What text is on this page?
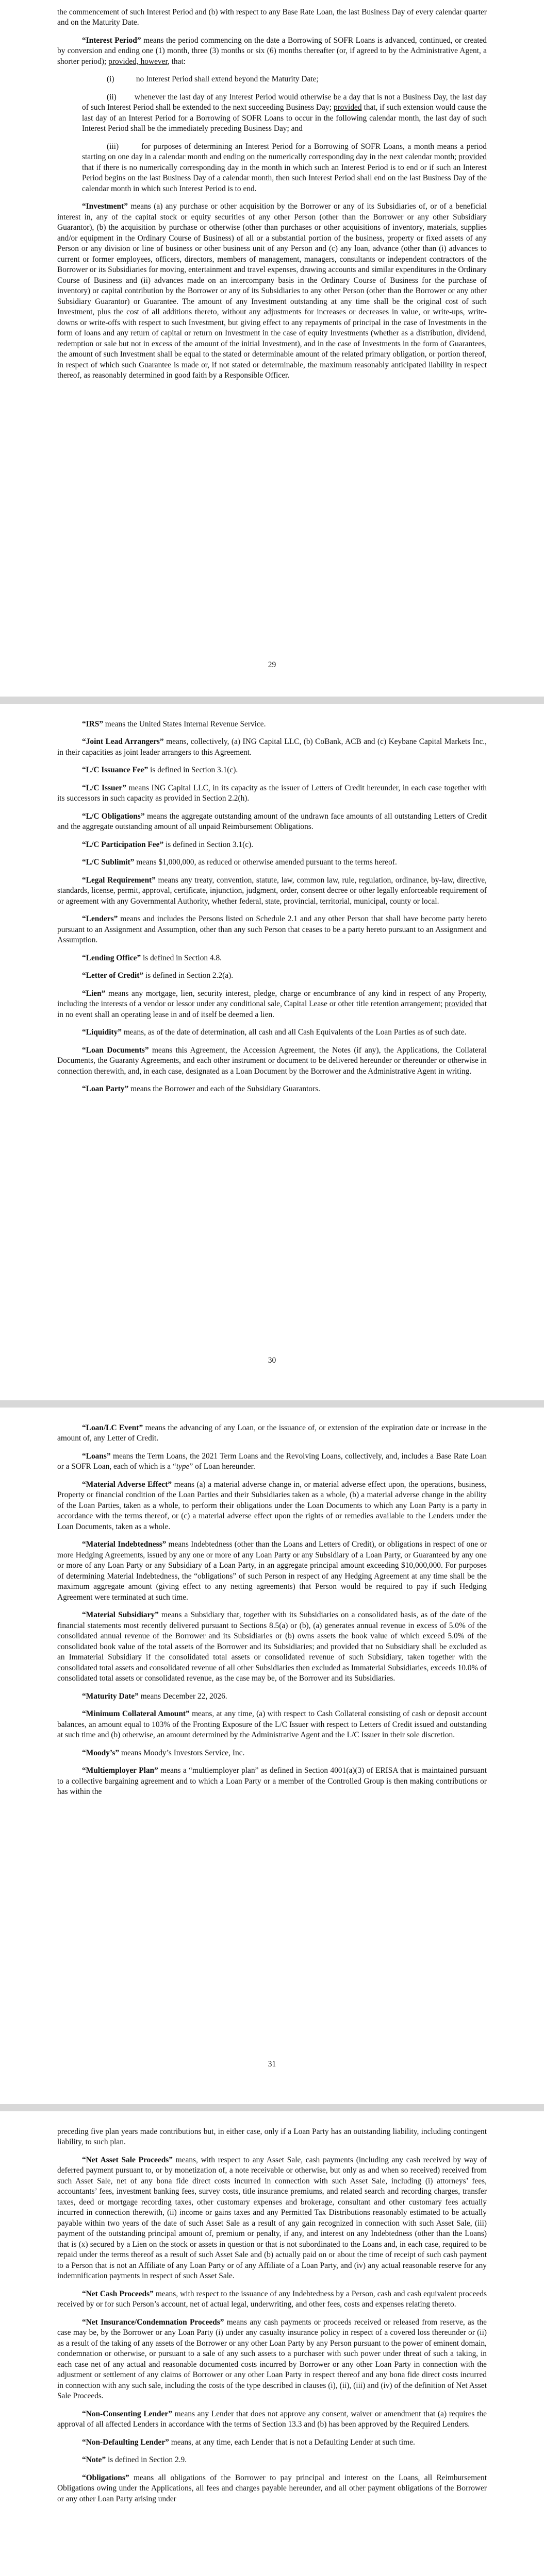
the commencement of such Interest Period and (b) with respect to any Base Rate Loan, the last Business Day of every calendar quarter and on the Maturity Date.

“Interest Period” means the period commencing on the date a Borrowing of SOFR Loans is advanced, continued, or created by conversion and ending one (1) month, three (3) months or six (6) months thereafter (or, if agreed to by the Administrative Agent, a shorter period); provided, however, that:

(i)           no Interest Period shall extend beyond the Maturity Date;

(ii)        whenever the last day of any Interest Period would otherwise be a day that is not a Business Day, the last day of such Interest Period shall be extended to the next succeeding Business Day; provided that, if such extension would cause the last day of an Interest Period for a Borrowing of SOFR Loans to occur in the following calendar month, the last day of such Interest Period shall be the immediately preceding Business Day; and

(iii)        for purposes of determining an Interest Period for a Borrowing of SOFR Loans, a month means a period starting on one day in a calendar month and ending on the numerically corresponding day in the next calendar month; provided that if there is no numerically corresponding day in the month in which such an Interest Period is to end or if such an Interest Period begins on the last Business Day of a calendar month, then such Interest Period shall end on the last Business Day of the calendar month in which such Interest Period is to end.

“Investment” means (a) any purchase or other acquisition by the Borrower or any of its Subsidiaries of, or of a beneficial interest in, any of the capital stock or equity securities of any other Person (other than the Borrower or any other Subsidiary Guarantor), (b) the acquisition by purchase or otherwise (other than purchases or other acquisitions of inventory, materials, supplies and/or equipment in the Ordinary Course of Business) of all or a substantial portion of the business, property or fixed assets of any Person or any division or line of business or other business unit of any Person and (c) any loan, advance (other than (i) advances to current or former employees, officers, directors, members of management, managers, consultants or independent contractors of the Borrower or its Subsidiaries for moving, entertainment and travel expenses, drawing accounts and similar expenditures in the Ordinary Course of Business and (ii) advances made on an intercompany basis in the Ordinary Course of Business for the purchase of inventory) or capital contribution by the Borrower or any of its Subsidiaries to any other Person (other than the Borrower or any other Subsidiary Guarantor) or Guarantee. The amount of any Investment outstanding at any time shall be the original cost of such Investment, plus the cost of all additions thereto, without any adjustments for increases or decreases in value, or write-ups, write-downs or write-offs with respect to such Investment, but giving effect to any repayments of principal in the case of Investments in the form of loans and any return of capital or return on Investment in the case of equity Investments (whether as a distribution, dividend, redemption or sale but not in excess of the amount of the initial Investment), and in the case of Investments in the form of Guarantees, the amount of such Investment shall be equal to the stated or determinable amount of the related primary obligation, or portion thereof, in respect of which such Guarantee is made or, if not stated or determinable, the maximum reasonably anticipated liability in respect thereof, as reasonably determined in good faith by a Responsible Officer.

29

“IRS” means the United States Internal Revenue Service.

“Joint Lead Arrangers” means, collectively, (a) ING Capital LLC, (b) CoBank, ACB and (c) Keybane Capital Markets Inc., in their capacities as joint leader arrangers to this Agreement.

“L/C Issuance Fee” is defined in Section 3.1(c).

“L/C Issuer” means ING Capital LLC, in its capacity as the issuer of Letters of Credit hereunder, in each case together with its successors in such capacity as provided in Section 2.2(h).

“L/C Obligations” means the aggregate outstanding amount of the undrawn face amounts of all outstanding Letters of Credit and the aggregate outstanding amount of all unpaid Reimbursement Obligations.

“L/C Participation Fee” is defined in Section 3.1(c).

“L/C Sublimit” means $1,000,000, as reduced or otherwise amended pursuant to the terms hereof.

“Legal Requirement” means any treaty, convention, statute, law, common law, rule, regulation, ordinance, by-law, directive, standards, license, permit, approval, certificate, injunction, judgment, order, consent decree or other legally enforceable requirement of or agreement with any Governmental Authority, whether federal, state, provincial, territorial, municipal, county or local.

“Lenders” means and includes the Persons listed on Schedule 2.1 and any other Person that shall have become party hereto pursuant to an Assignment and Assumption, other than any such Person that ceases to be a party hereto pursuant to an Assignment and Assumption.

“Lending Office” is defined in Section 4.8.

“Letter of Credit” is defined in Section 2.2(a).

“Lien” means any mortgage, lien, security interest, pledge, charge or encumbrance of any kind in respect of any Property, including the interests of a vendor or lessor under any conditional sale, Capital Lease or other title retention arrangement; provided that in no event shall an operating lease in and of itself be deemed a lien.

“Liquidity” means, as of the date of determination, all cash and all Cash Equivalents of the Loan Parties as of such date.

“Loan Documents” means this Agreement, the Accession Agreement, the Notes (if any), the Applications, the Collateral Documents, the Guaranty Agreements, and each other instrument or document to be delivered hereunder or thereunder or otherwise in connection therewith, and, in each case, designated as a Loan Document by the Borrower and the Administrative Agent in writing.

“Loan Party” means the Borrower and each of the Subsidiary Guarantors.

30

“Loan/LC Event” means the advancing of any Loan, or the issuance of, or extension of the expiration date or increase in the amount of, any Letter of Credit.

“Loans” means the Term Loans, the 2021 Term Loans and the Revolving Loans, collectively, and, includes a Base Rate Loan or a SOFR Loan, each of which is a “type” of Loan hereunder.

“Material Adverse Effect” means (a) a material adverse change in, or material adverse effect upon, the operations, business, Property or financial condition of the Loan Parties and their Subsidiaries taken as a whole, (b) a material adverse change in the ability of the Loan Parties, taken as a whole, to perform their obligations under the Loan Documents to which any Loan Party is a party in accordance with the terms thereof, or (c) a material adverse effect upon the rights of or remedies available to the Lenders under the Loan Documents, taken as a whole.

“Material Indebtedness” means Indebtedness (other than the Loans and Letters of Credit), or obligations in respect of one or more Hedging Agreements, issued by any one or more of any Loan Party or any Subsidiary of a Loan Party, or Guaranteed by any one or more of any Loan Party or any Subsidiary of a Loan Party, in an aggregate principal amount exceeding $10,000,000. For purposes of determining Material Indebtedness, the “obligations” of such Person in respect of any Hedging Agreement at any time shall be the maximum aggregate amount (giving effect to any netting agreements) that Person would be required to pay if such Hedging Agreement were terminated at such time.

“Material Subsidiary” means a Subsidiary that, together with its Subsidiaries on a consolidated basis, as of the date of the financial statements most recently delivered pursuant to Sections 8.5(a) or (b), (a) generates annual revenue in excess of 5.0% of the consolidated annual revenue of the Borrower and its Subsidiaries or (b) owns assets the book value of which exceed 5.0% of the consolidated book value of the total assets of the Borrower and its Subsidiaries; and provided that no Subsidiary shall be excluded as an Immaterial Subsidiary if the consolidated total assets or consolidated revenue of such Subsidiary, taken together with the consolidated total assets and consolidated revenue of all other Subsidiaries then excluded as Immaterial Subsidiaries, exceeds 10.0% of consolidated total assets or consolidated revenue, as the case may be, of the Borrower and its Subsidiaries.

“Maturity Date” means December 22, 2026.

“Minimum Collateral Amount” means, at any time, (a) with respect to Cash Collateral consisting of cash or deposit account balances, an amount equal to 103% of the Fronting Exposure of the L/C Issuer with respect to Letters of Credit issued and outstanding at such time and (b) otherwise, an amount determined by the Administrative Agent and the L/C Issuer in their sole discretion.

“Moody’s” means Moody’s Investors Service, Inc.

“Multiemployer Plan” means a “multiemployer plan” as defined in Section 4001(a)(3) of ERISA that is maintained pursuant to a collective bargaining agreement and to which a Loan Party or a member of the Controlled Group is then making contributions or has within the

31

preceding five plan years made contributions but, in either case, only if a Loan Party has an outstanding liability, including contingent liability, to such plan.

“Net Asset Sale Proceeds” means, with respect to any Asset Sale, cash payments (including any cash received by way of deferred payment pursuant to, or by monetization of, a note receivable or otherwise, but only as and when so received) received from such Asset Sale, net of any bona fide direct costs incurred in connection with such Asset Sale, including (i) attorneys’ fees, accountants’ fees, investment banking fees, survey costs, title insurance premiums, and related search and recording charges, transfer taxes, deed or mortgage recording taxes, other customary expenses and brokerage, consultant and other customary fees actually incurred in connection therewith, (ii) income or gains taxes and any Permitted Tax Distributions reasonably estimated to be actually payable within two years of the date of such Asset Sale as a result of any gain recognized in connection with such Asset Sale, (iii) payment of the outstanding principal amount of, premium or penalty, if any, and interest on any Indebtedness (other than the Loans) that is (x) secured by a Lien on the stock or assets in question or that is not subordinated to the Loans and, in each case, required to be repaid under the terms thereof as a result of such Asset Sale and (b) actually paid on or about the time of receipt of such cash payment to a Person that is not an Affiliate of any Loan Party or of any Affiliate of a Loan Party, and (iv) any actual reasonable reserve for any indemnification payments in respect of such Asset Sale.

“Net Cash Proceeds” means, with respect to the issuance of any Indebtedness by a Person, cash and cash equivalent proceeds received by or for such Person’s account, net of actual legal, underwriting, and other fees, costs and expenses relating thereto.

“Net Insurance/Condemnation Proceeds” means any cash payments or proceeds received or released from reserve, as the case may be, by the Borrower or any Loan Party (i) under any casualty insurance policy in respect of a covered loss thereunder or (ii) as a result of the taking of any assets of the Borrower or any other Loan Party by any Person pursuant to the power of eminent domain, condemnation or otherwise, or pursuant to a sale of any such assets to a purchaser with such power under threat of such a taking, in each case net of any actual and reasonable documented costs incurred by Borrower or any other Loan Party in connection with the adjustment or settlement of any claims of Borrower or any other Loan Party in respect thereof and any bona fide direct costs incurred in connection with any such sale, including the costs of the type described in clauses (i), (ii), (iii) and (iv) of the definition of Net Asset Sale Proceeds.

“Non-Consenting Lender” means any Lender that does not approve any consent, waiver or amendment that (a) requires the approval of all affected Lenders in accordance with the terms of Section 13.3 and (b) has been approved by the Required Lenders.

“Non-Defaulting Lender” means, at any time, each Lender that is not a Defaulting Lender at such time.

“Note” is defined in Section 2.9.

“Obligations” means all obligations of the Borrower to pay principal and interest on the Loans, all Reimbursement Obligations owing under the Applications, all fees and charges payable hereunder, and all other payment obligations of the Borrower or any other Loan Party arising under
